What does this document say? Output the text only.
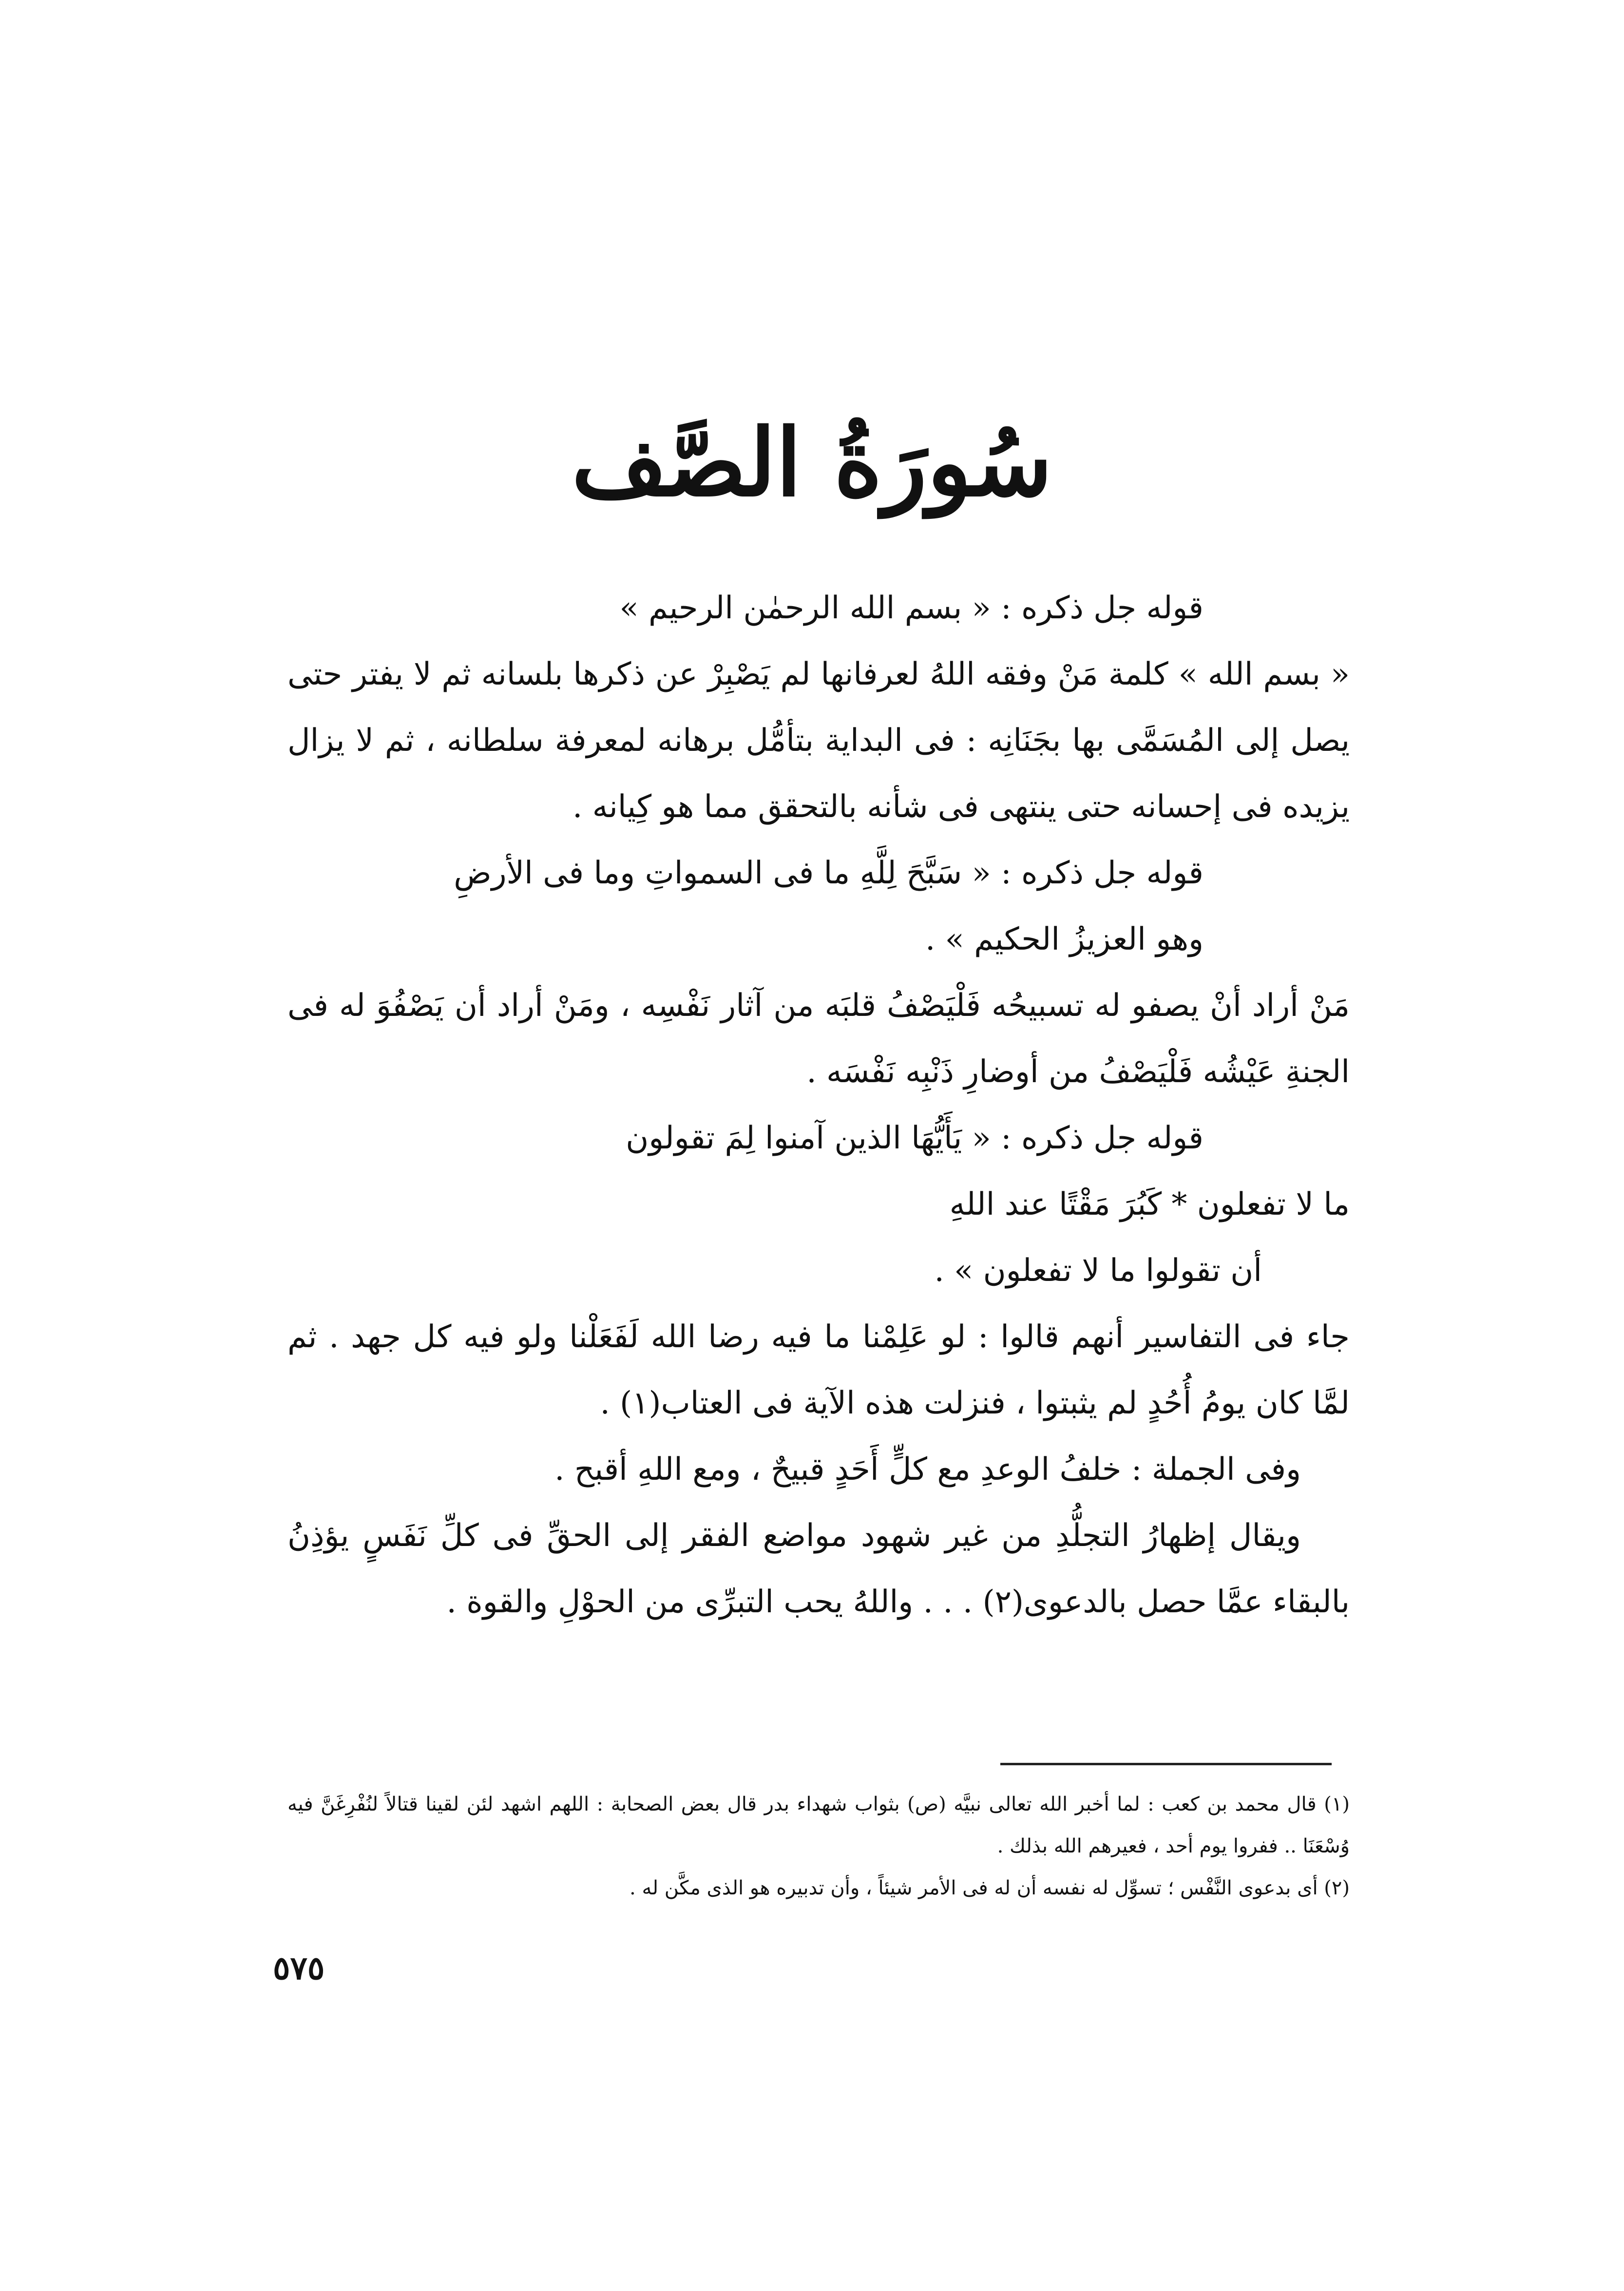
سُورَةُ الصَّف

قوله جل ذكره : « بسم الله الرحمٰن الرحيم »

« بسم الله » كلمة مَنْ وفقه اللهُ لعرفانها لم يَصْبِرْ عن ذكرها بلسانه ثم لا يفتر حتى يصل إلى المُسَمَّى بها بجَنَانِه : فى البداية بتأمُّل برهانه لمعرفة سلطانه ، ثم لا يزال يزيده فى إحسانه حتى ينتهى فى شأنه بالتحقق مما هو كِيانه .

قوله جل ذكره : « سَبَّحَ لِلَّهِ ما فى السمواتِ وما فى الأرضِ

وهو العزيزُ الحكيم » .

مَنْ أراد أنْ يصفو له تسبيحُه فَلْيَصْفُ قلبَه من آثار نَفْسِه ، ومَنْ أراد أن يَصْفُوَ له فى الجنةِ عَيْشُه فَلْيَصْفُ من أوضارِ ذَنْبِه نَفْسَه .

قوله جل ذكره : « يَأَيُّهَا الذين آمنوا لِمَ تقولون

ما لا تفعلون * كَبُرَ مَقْتًا عند اللهِ

أن تقولوا ما لا تفعلون » .

جاء فى التفاسير أنهم قالوا : لو عَلِمْنا ما فيه رضا الله لَفَعَلْنا ولو فيه كل جهد . ثم لمَّا كان يومُ أُحُدٍ لم يثبتوا ، فنزلت هذه الآية فى العتاب(١) .

وفى الجملة : خلفُ الوعدِ مع كلٍّ أَحَدٍ قبيحٌ ، ومع اللهِ أقبح .

ويقال إظهارُ التجلُّدِ من غير شهود مواضع الفقر إلى الحقِّ فى كلِّ نَفَسٍ يؤذِنُ بالبقاء عمَّا حصل بالدعوى(٢) . . . واللهُ يحب التبرِّى من الحوْلِ والقوة .

(١) قال محمد بن كعب : لما أخبر الله تعالى نبيَّه (ص) بثواب شهداء بدر قال بعض الصحابة : اللهم اشهد لئن لقينا قتالاً لنُفْرِغَنَّ فيه وُسْعَنَا .. ففروا يوم أحد ، فعيرهم الله بذلك .

(٢) أى بدعوى النَّفْس ؛ تسوِّل له نفسه أن له فى الأمر شيئاً ، وأن تدبيره هو الذى مكَّن له .

٥٧٥
